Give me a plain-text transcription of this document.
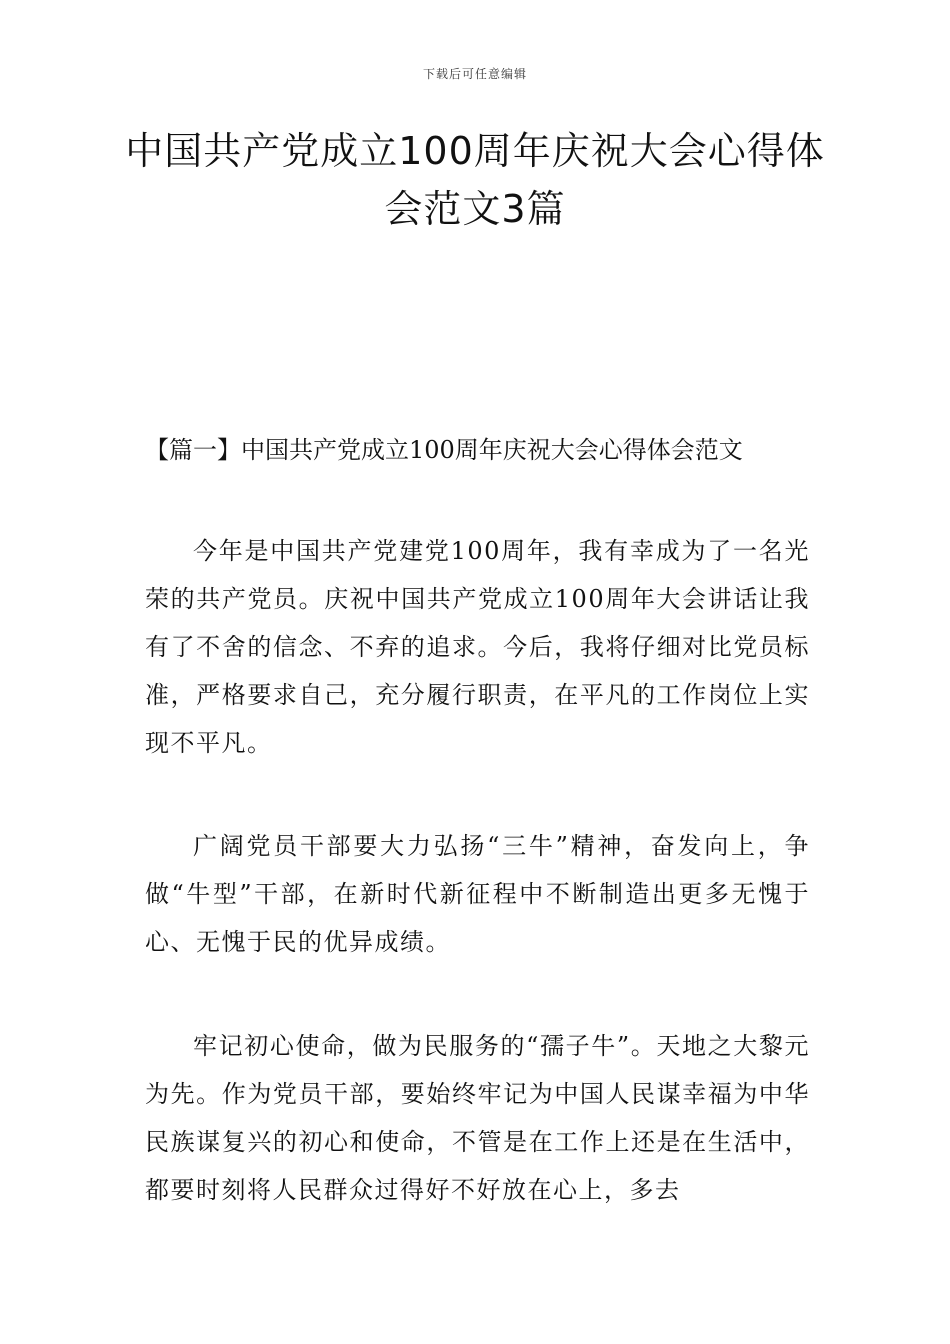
下载后可任意编辑
中国共产党成立100周年庆祝大会心得体
会范文3篇
【篇一】中国共产党成立100周年庆祝大会心得体会范文

今年是中国共产党建党100周年，我有幸成为了一名光荣的共产党员。庆祝中国共产党成立100周年大会讲话让我有了不舍的信念、不弃的追求。今后，我将仔细对比党员标准，严格要求自己，充分履行职责，在平凡的工作岗位上实现不平凡。

广阔党员干部要大力弘扬“三牛”精神，奋发向上，争做“牛型”干部，在新时代新征程中不断制造出更多无愧于心、无愧于民的优异成绩。

牢记初心使命，做为民服务的“孺子牛”。天地之大黎元为先。作为党员干部，要始终牢记为中国人民谋幸福为中华民族谋复兴的初心和使命，不管是在工作上还是在生活中，都要时刻将人民群众过得好不好放在心上，多去
